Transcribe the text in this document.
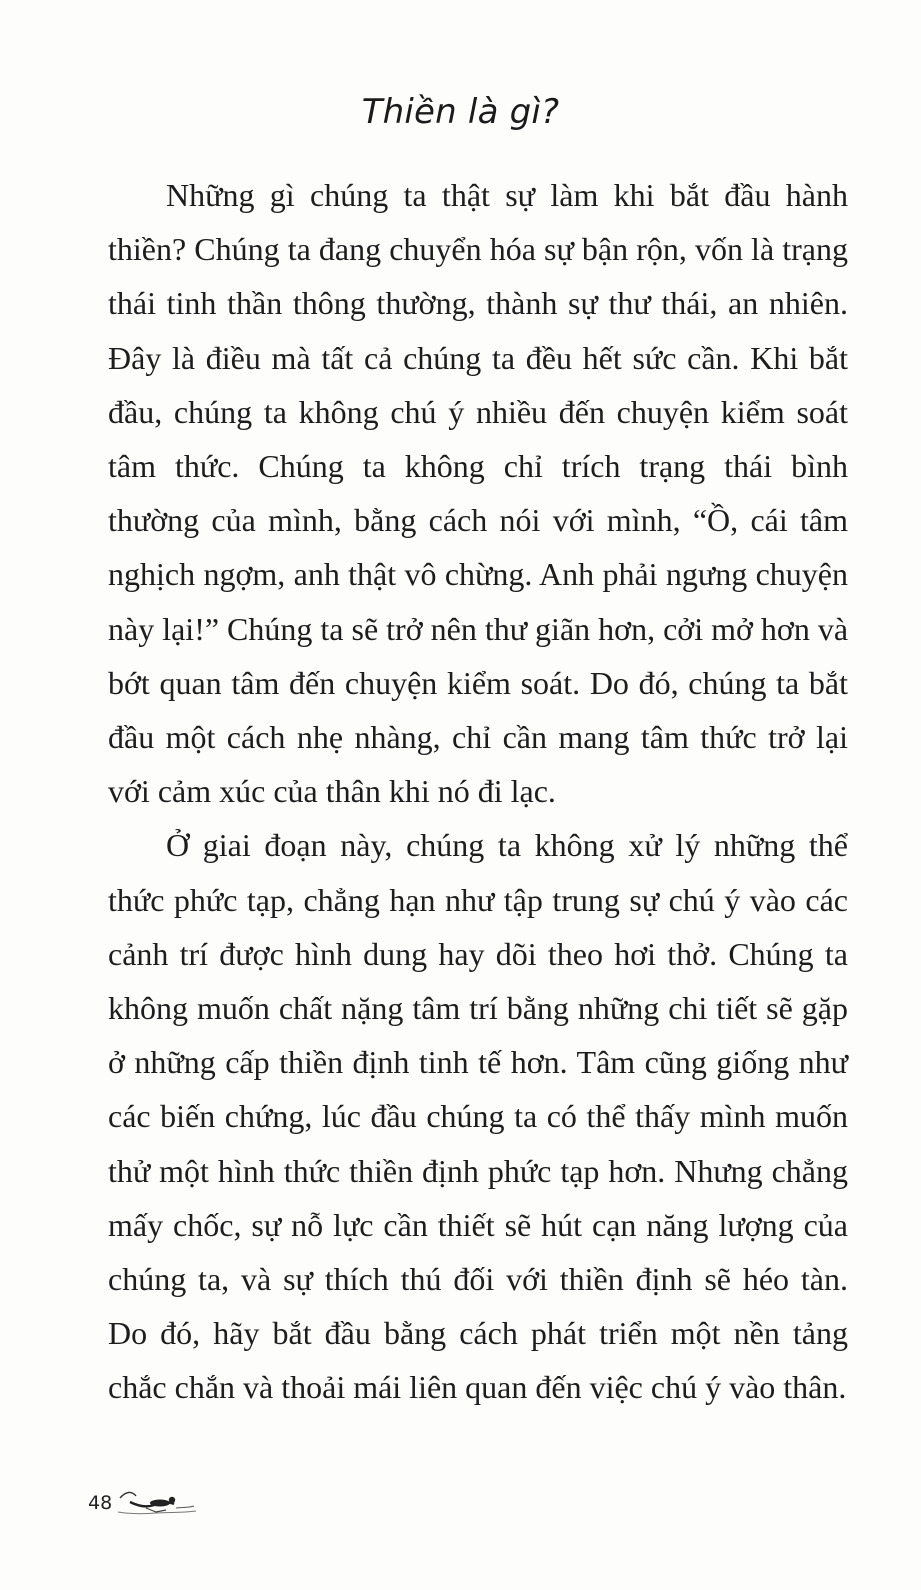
Thiền là gì?

Những gì chúng ta thật sự làm khi bắt đầu hành thiền? Chúng ta đang chuyển hóa sự bận rộn, vốn là trạng thái tinh thần thông thường, thành sự thư thái, an nhiên. Đây là điều mà tất cả chúng ta đều hết sức cần. Khi bắt đầu, chúng ta không chú ý nhiều đến chuyện kiểm soát tâm thức. Chúng ta không chỉ trích trạng thái bình thường của mình, bằng cách nói với mình, “Ồ, cái tâm nghịch ngợm, anh thật vô chừng. Anh phải ngưng chuyện này lại!” Chúng ta sẽ trở nên thư giãn hơn, cởi mở hơn và bớt quan tâm đến chuyện kiểm soát. Do đó, chúng ta bắt đầu một cách nhẹ nhàng, chỉ cần mang tâm thức trở lại với cảm xúc của thân khi nó đi lạc.

Ở giai đoạn này, chúng ta không xử lý những thể thức phức tạp, chẳng hạn như tập trung sự chú ý vào các cảnh trí được hình dung hay dõi theo hơi thở. Chúng ta không muốn chất nặng tâm trí bằng những chi tiết sẽ gặp ở những cấp thiền định tinh tế hơn. Tâm cũng giống như các biến chứng, lúc đầu chúng ta có thể thấy mình muốn thử một hình thức thiền định phức tạp hơn. Nhưng chẳng mấy chốc, sự nỗ lực cần thiết sẽ hút cạn năng lượng của chúng ta, và sự thích thú đối với thiền định sẽ héo tàn. Do đó, hãy bắt đầu bằng cách phát triển một nền tảng chắc chắn và thoải mái liên quan đến việc chú ý vào thân.

48
